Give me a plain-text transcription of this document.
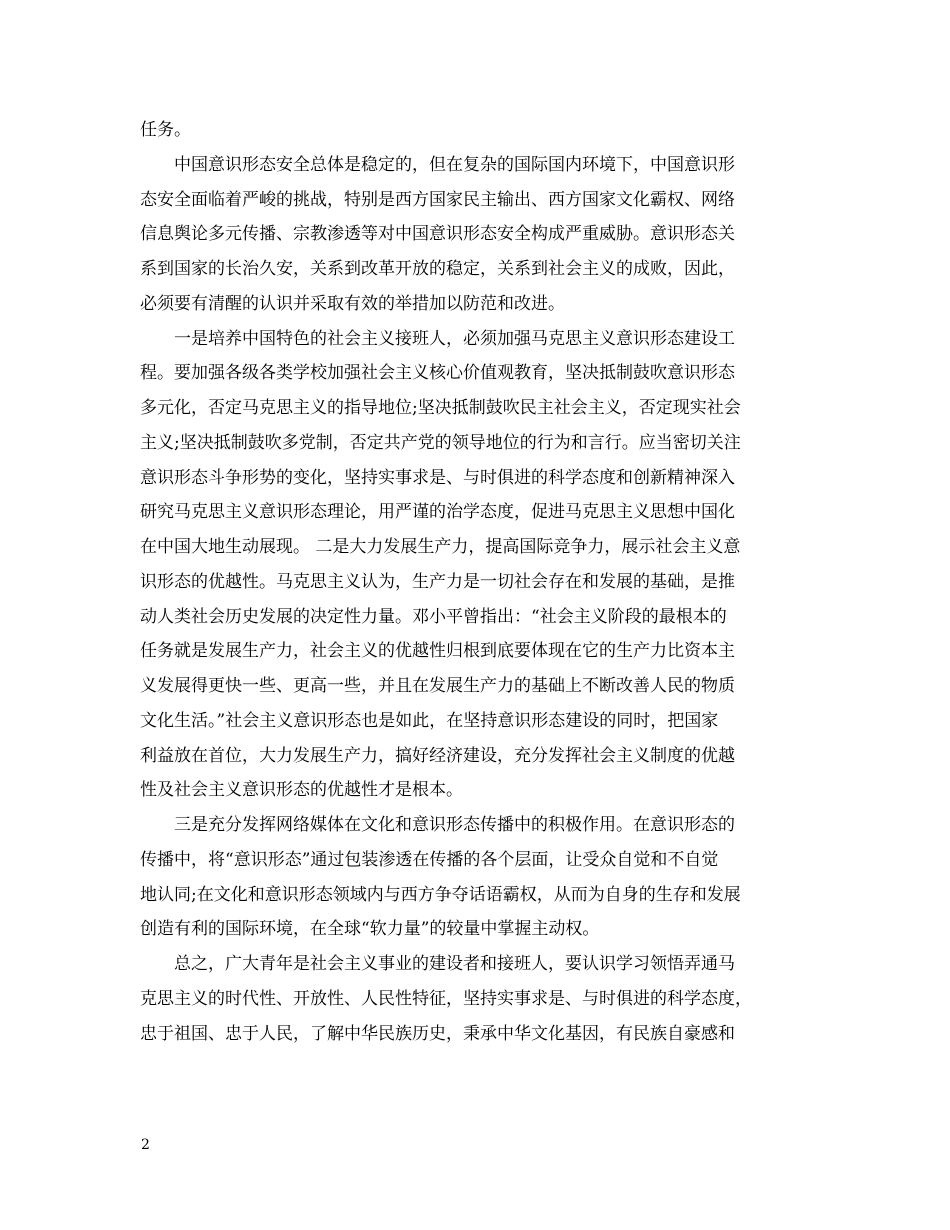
任务。
中国意识形态安全总体是稳定的，但在复杂的国际国内环境下，中国意识形
态安全面临着严峻的挑战，特别是西方国家民主输出、西方国家文化霸权、网络
信息舆论多元传播、宗教渗透等对中国意识形态安全构成严重威胁。意识形态关
系到国家的长治久安，关系到改革开放的稳定，关系到社会主义的成败，因此，
必须要有清醒的认识并采取有效的举措加以防范和改进。
一是培养中国特色的社会主义接班人，必须加强马克思主义意识形态建设工
程。要加强各级各类学校加强社会主义核心价值观教育，坚决抵制鼓吹意识形态
多元化，否定马克思主义的指导地位;坚决抵制鼓吹民主社会主义，否定现实社会
主义;坚决抵制鼓吹多党制，否定共产党的领导地位的行为和言行。应当密切关注
意识形态斗争形势的变化，坚持实事求是、与时俱进的科学态度和创新精神深入
研究马克思主义意识形态理论，用严谨的治学态度，促进马克思主义思想中国化
在中国大地生动展现。 二是大力发展生产力，提高国际竞争力，展示社会主义意
识形态的优越性。马克思主义认为，生产力是一切社会存在和发展的基础，是推
动人类社会历史发展的决定性力量。邓小平曾指出：“社会主义阶段的最根本的
任务就是发展生产力，社会主义的优越性归根到底要体现在它的生产力比资本主
义发展得更快一些、更高一些，并且在发展生产力的基础上不断改善人民的物质
文化生活。”社会主义意识形态也是如此，在坚持意识形态建设的同时，把国家
利益放在首位，大力发展生产力，搞好经济建设，充分发挥社会主义制度的优越
性及社会主义意识形态的优越性才是根本。
三是充分发挥网络媒体在文化和意识形态传播中的积极作用。在意识形态的
传播中，将“意识形态”通过包装渗透在传播的各个层面，让受众自觉和不自觉
地认同;在文化和意识形态领域内与西方争夺话语霸权，从而为自身的生存和发展
创造有利的国际环境，在全球“软力量”的较量中掌握主动权。
总之，广大青年是社会主义事业的建设者和接班人，要认识学习领悟弄通马
克思主义的时代性、开放性、人民性特征，坚持实事求是、与时俱进的科学态度，
忠于祖国、忠于人民，了解中华民族历史，秉承中华文化基因，有民族自豪感和
2
